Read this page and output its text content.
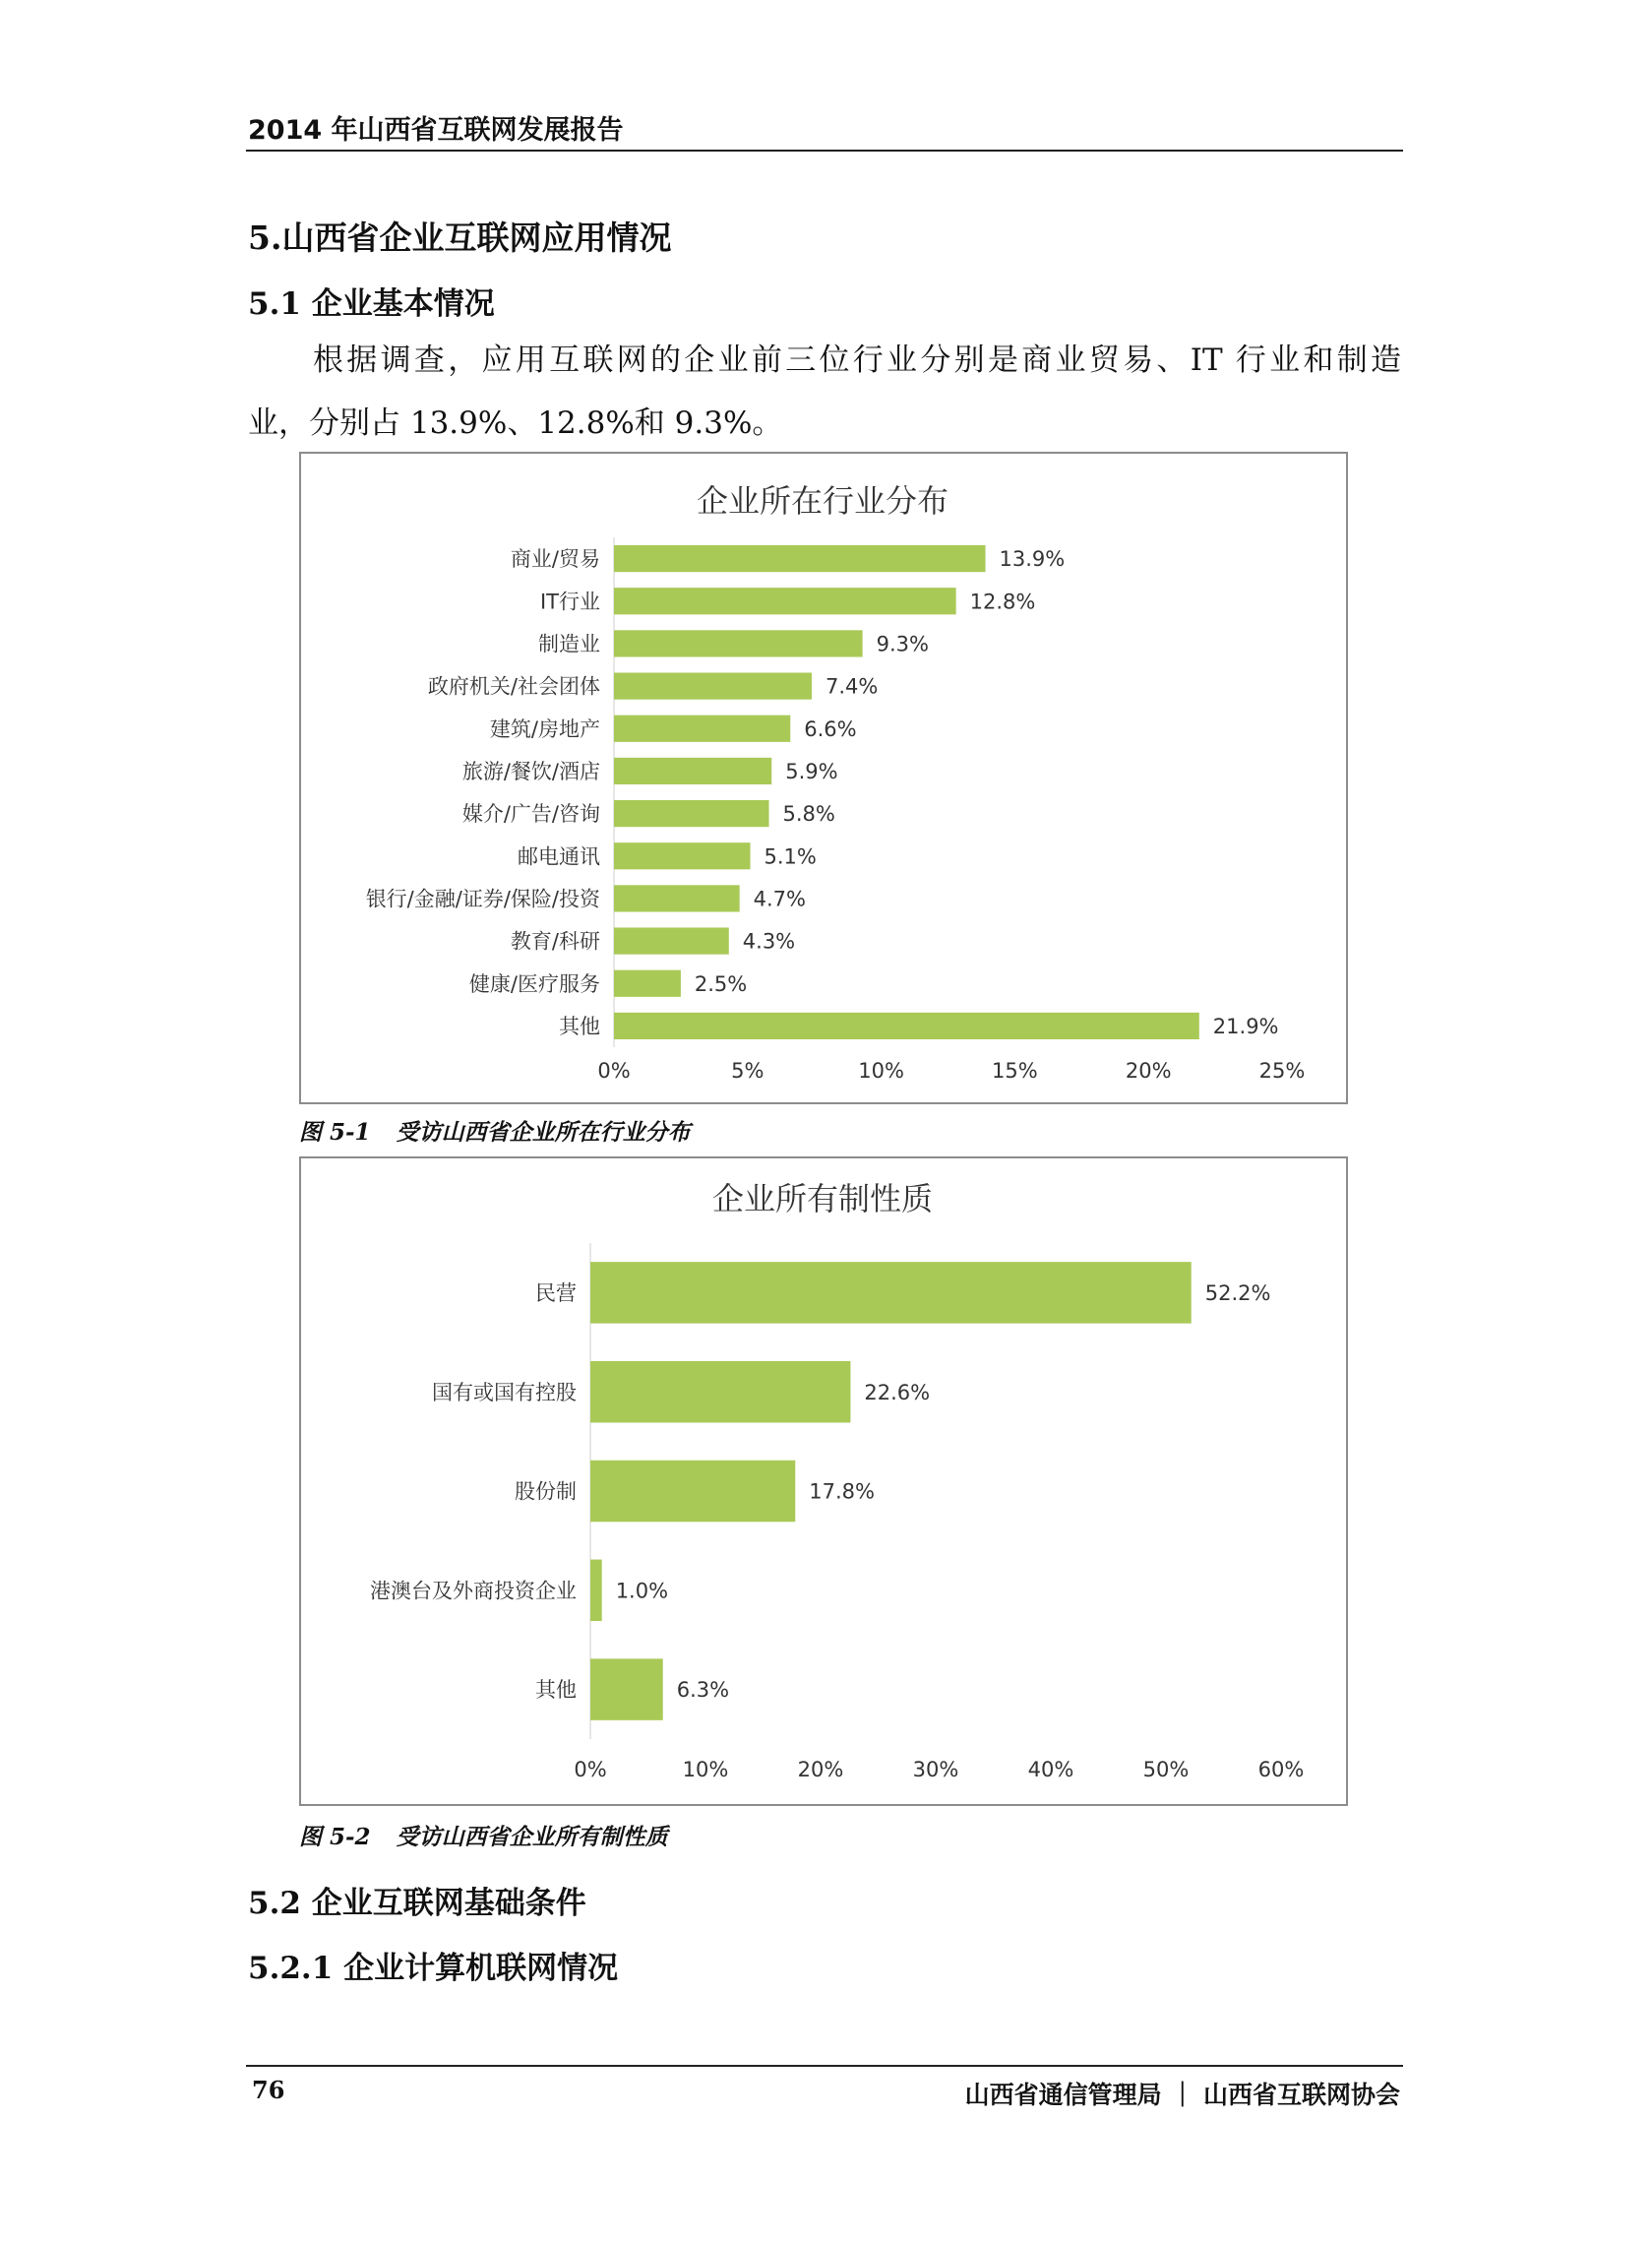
2014 年山西省互联网发展报告
5.山西省企业互联网应用情况
5.1 企业基本情况
根据调查，应用互联网的企业前三位行业分别是商业贸易、IT 行业和制造
业，分别占 13.9%、12.8%和 9.3%。
企业所在行业分布
商业/贸易	13.9%
IT行业	12.8%
制造业	9.3%
政府机关/社会团体	7.4%
建筑/房地产	6.6%
旅游/餐饮/酒店	5.9%
媒介/广告/咨询	5.8%
邮电通讯	5.1%
银行/金融/证券/保险/投资	4.7%
教育/科研	4.3%
健康/医疗服务	2.5%
其他	21.9%
0%	5%	10%	15%	20%	25%
图 5-1 受访山西省企业所在行业分布
企业所有制性质
民营	52.2%
国有或国有控股	22.6%
股份制	17.8%
港澳台及外商投资企业 1.0%
其他	6.3%
0%	10%	20%	30%	40%	50%	60%
图 5-2 受访山西省企业所有制性质
5.2 企业互联网基础条件
5.2.1 企业计算机联网情况
76	山西省通信管理局 ｜ 山西省互联网协会
